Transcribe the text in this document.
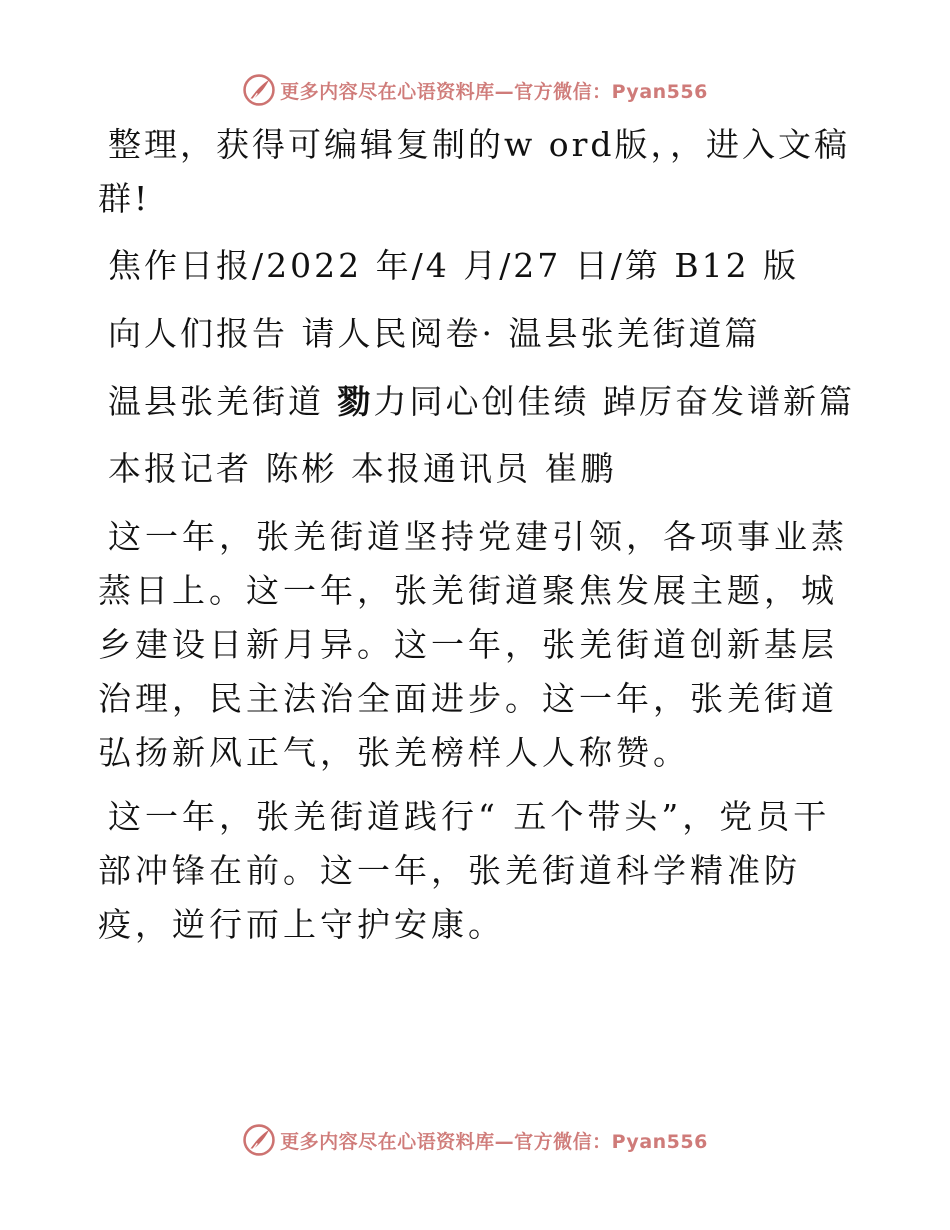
更多内容尽在心语资料库—官方微信：Pyan556

整理，获得可编辑复制的w ord版，，进入文稿群!

焦作日报/2022 年/4 月/27 日/第 B12 版

向人们报告 请人民阅卷· 温县张羌街道篇

温县张羌街道 勠力同心创佳绩 踔厉奋发谱新篇

本报记者 陈彬 本报通讯员 崔鹏

这一年，张羌街道坚持党建引领，各项事业蒸蒸日上。这一年，张羌街道聚焦发展主题，城乡建设日新月异。这一年，张羌街道创新基层治理，民主法治全面进步。这一年，张羌街道弘扬新风正气，张羌榜样人人称赞。

这一年，张羌街道践行“ 五个带头”，党员干部冲锋在前。这一年，张羌街道科学精准防疫，逆行而上守护安康。

更多内容尽在心语资料库—官方微信：Pyan556
